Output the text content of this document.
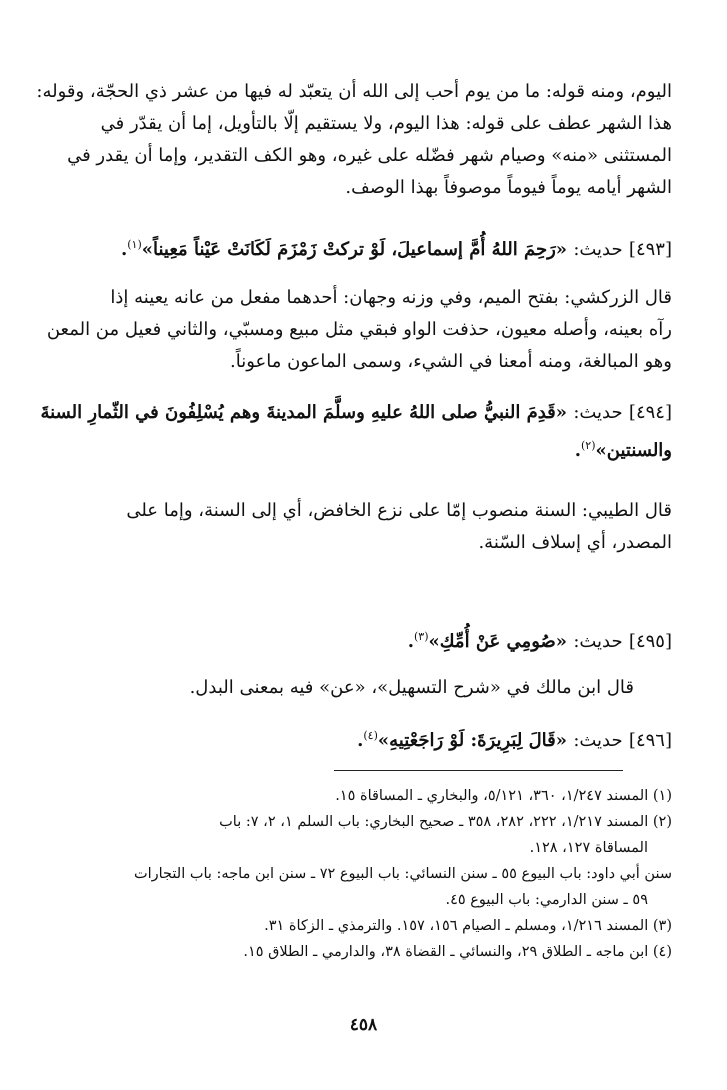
اليوم، ومنه قوله: ما من يوم أحب إلى الله أن يتعبّد له فيها من عشر ذي الحجّة، وقوله:
هذا الشهر عطف على قوله: هذا اليوم، ولا يستقيم إلّا بالتأويل، إما أن يقدّر في
المستثنى «منه» وصيام شهر فضّله على غيره، وهو الكف التقدير، وإما أن يقدر في
الشهر أيامه يوماً فيوماً موصوفاً بهذا الوصف.
[٤٩٣] حديث: «رَحِمَ اللهُ أُمَّ إسماعيلَ، لَوْ تركتْ زَمْزَمَ لَكَانَتْ عَيْناً مَعِيناً»$^{(١)}$.
قال الزركشي: بفتح الميم، وفي وزنه وجهان: أحدهما مفعل من عانه يعينه إذا
رآه بعينه، وأصله معيون، حذفت الواو فبقي مثل مبيع ومسبّي، والثاني فعيل من المعن
وهو المبالغة، ومنه أمعنا في الشيء، وسمى الماعون ماعوناً.
[٤٩٤] حديث: «قَدِمَ النبيُّ صلى اللهُ عليهِ وسلَّمَ المدينةَ وهم يُسْلِفُونَ في الثّمارِ السنةَ
والسنتين»$^{(٢)}$.
قال الطيبي: السنة منصوب إمّا على نزع الخافض، أي إلى السنة، وإما على
المصدر، أي إسلاف السّنة.
[٤٩٥] حديث: «صُومِي عَنْ أُمِّكِ»$^{(٣)}$.
قال ابن مالك في «شرح التسهيل»، «عن» فيه بمعنى البدل.
[٤٩٦] حديث: «قَالَ لِبَرِيرَةَ: لَوْ رَاجَعْتِيهِ»$^{(٤)}$.
(١) المسند ١/٢٤٧، ٣٦٠، ٥/١٢١، والبخاري ـ المساقاة ١٥.
(٢) المسند ١/٢١٧، ٢٢٢، ٢٨٢، ٣٥٨ ـ صحيح البخاري: باب السلم ١، ٢، ٧: باب
المساقاة ١٢٧، ١٢٨.
سنن أبي داود: باب البيوع ٥٥ ـ سنن النسائي: باب البيوع ٧٢ ـ سنن ابن ماجه: باب التجارات
٥٩ ـ سنن الدارمي: باب البيوع ٤٥.
(٣) المسند ١/٢١٦، ومسلم ـ الصيام ١٥٦، ١٥٧. والترمذي ـ الزكاة ٣١.
(٤) ابن ماجه ـ الطلاق ٢٩، والنسائي ـ القضاة ٣٨، والدارمي ـ الطلاق ١٥.
٤٥٨
